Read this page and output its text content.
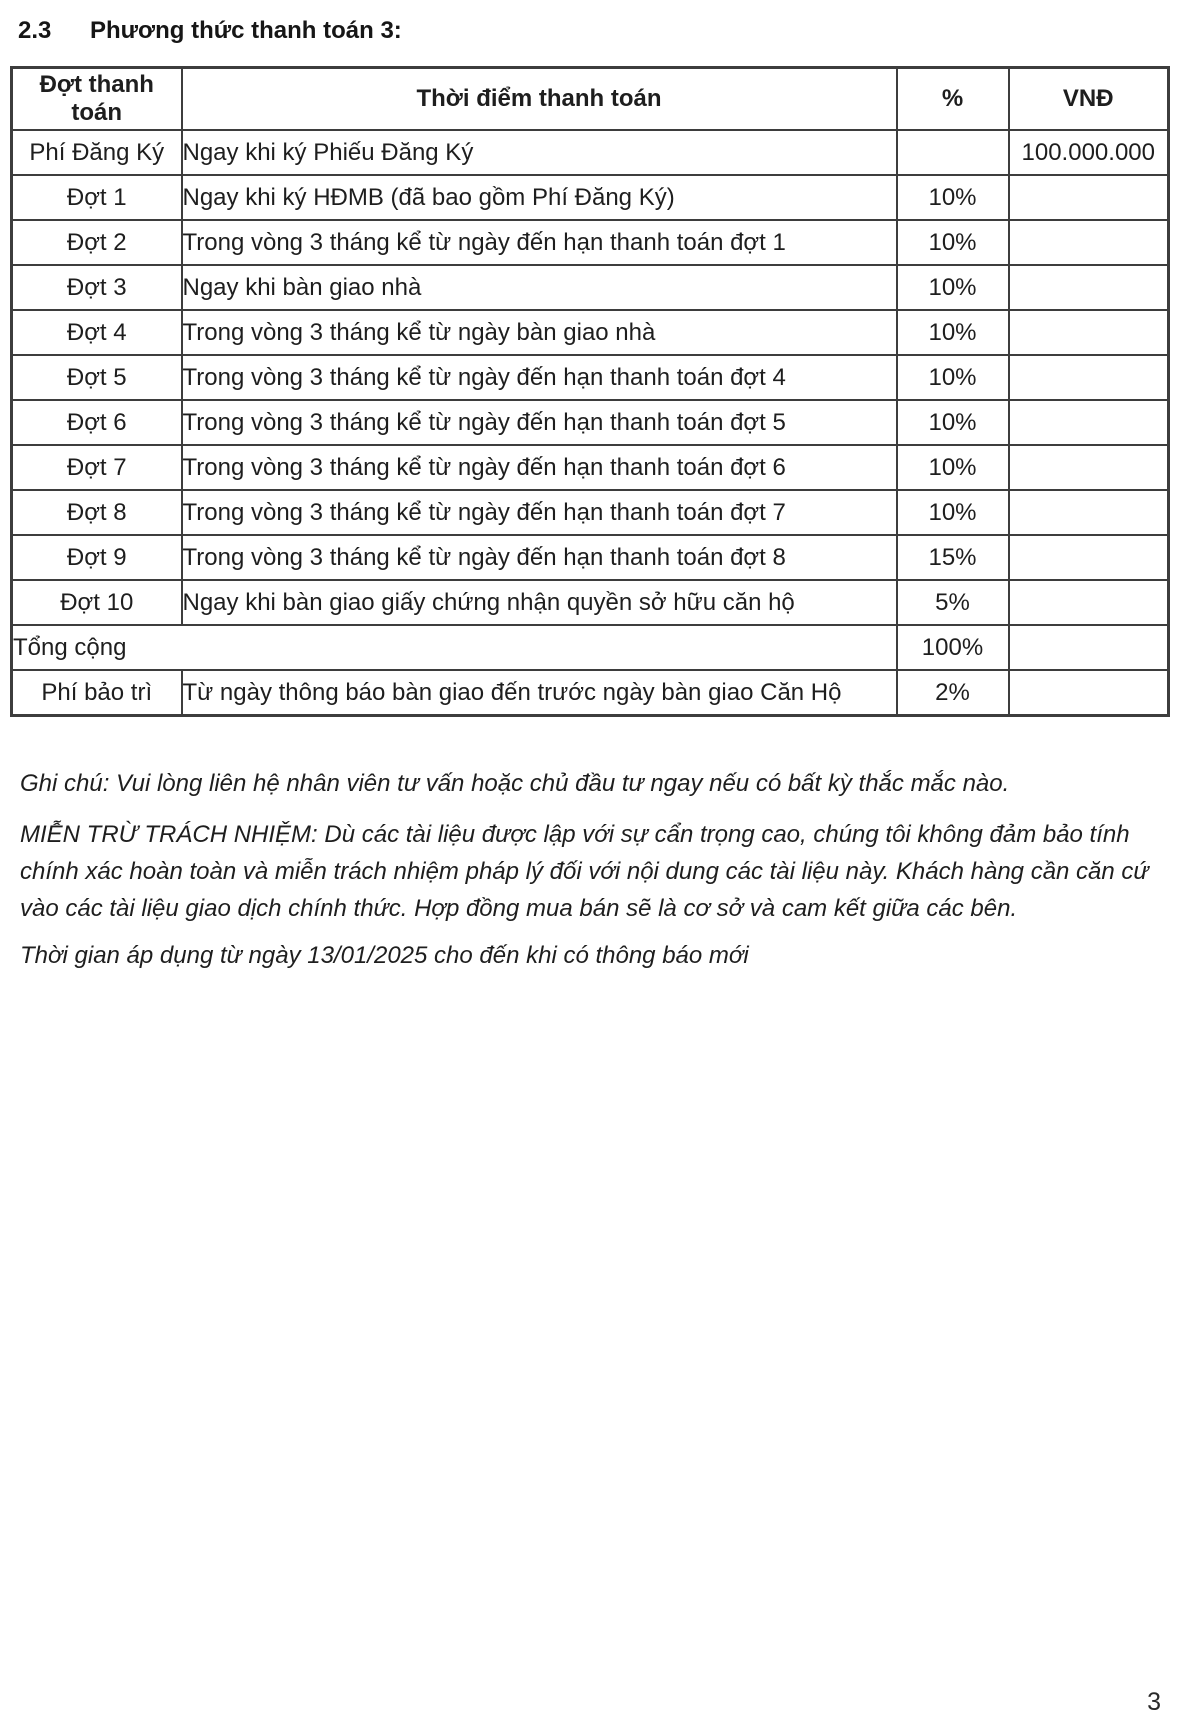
2.3	Phương thức thanh toán 3:
Đợt thanh toán	Thời điểm thanh toán	%	VNĐ
Phí Đăng Ký	Ngay khi ký Phiếu Đăng Ký		100.000.000
Đợt 1	Ngay khi ký HĐMB (đã bao gồm Phí Đăng Ký)	10%	
Đợt 2	Trong vòng 3 tháng kể từ ngày đến hạn thanh toán đợt 1	10%	
Đợt 3	Ngay khi bàn giao nhà	10%	
Đợt 4	Trong vòng 3 tháng kể từ ngày bàn giao nhà	10%	
Đợt 5	Trong vòng 3 tháng kể từ ngày đến hạn thanh toán đợt 4	10%	
Đợt 6	Trong vòng 3 tháng kể từ ngày đến hạn thanh toán đợt 5	10%	
Đợt 7	Trong vòng 3 tháng kể từ ngày đến hạn thanh toán đợt 6	10%	
Đợt 8	Trong vòng 3 tháng kể từ ngày đến hạn thanh toán đợt 7	10%	
Đợt 9	Trong vòng 3 tháng kể từ ngày đến hạn thanh toán đợt 8	15%	
Đợt 10	Ngay khi bàn giao giấy chứng nhận quyền sở hữu căn hộ	5%	
Tổng cộng		100%	
Phí bảo trì	Từ ngày thông báo bàn giao đến trước ngày bàn giao Căn Hộ	2%	

Ghi chú: Vui lòng liên hệ nhân viên tư vấn hoặc chủ đầu tư ngay nếu có bất kỳ thắc mắc nào.

MIỄN TRỪ TRÁCH NHIỆM: Dù các tài liệu được lập với sự cẩn trọng cao, chúng tôi không đảm bảo tính chính xác hoàn toàn và miễn trách nhiệm pháp lý đối với nội dung các tài liệu này. Khách hàng cần căn cứ vào các tài liệu giao dịch chính thức. Hợp đồng mua bán sẽ là cơ sở và cam kết giữa các bên.

Thời gian áp dụng từ ngày 13/01/2025 cho đến khi có thông báo mới

3
